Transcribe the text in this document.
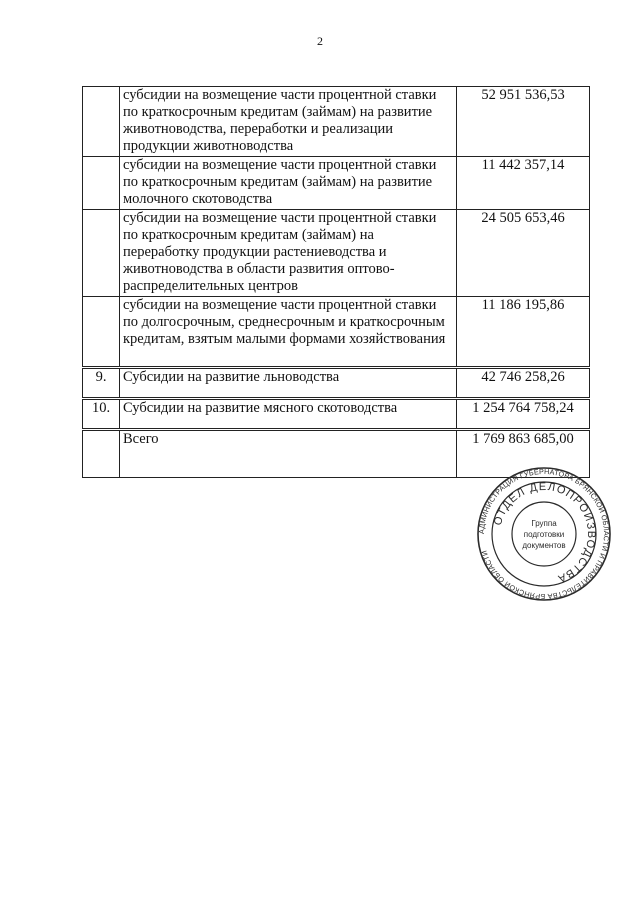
2
	субсидии на возмещение части процентной ставки по краткосрочным кредитам (займам) на развитие животноводства, переработки и реализации продукции животноводства	52 951 536,53
	субсидии на возмещение части процентной ставки по краткосрочным кредитам (займам) на развитие молочного скотоводства	11 442 357,14
	субсидии на возмещение части процентной ставки по краткосрочным кредитам (займам) на переработку продукции растениеводства и животноводства в области развития оптово-распределительных центров	24 505 653,46
	субсидии на возмещение части процентной ставки по долгосрочным, среднесрочным и краткосрочным кредитам, взятым малыми формами хозяйствования	11 186 195,86
9.	Субсидии на развитие льноводства	42 746 258,26
10.	Субсидии на развитие мясного скотоводства	1 254 764 758,24
	Всего	1 769 863 685,00
АДМИНИСТРАЦИЯ ГУБЕРНАТОРА БРЯНСКОЙ ОБЛАСТИ И ПРАВИТЕЛЬСТВА БРЯНСКОЙ ОБЛАСТИ
ОТДЕЛ ДЕЛОПРОИЗВОДСТВА
Группа
подготовки
документов
